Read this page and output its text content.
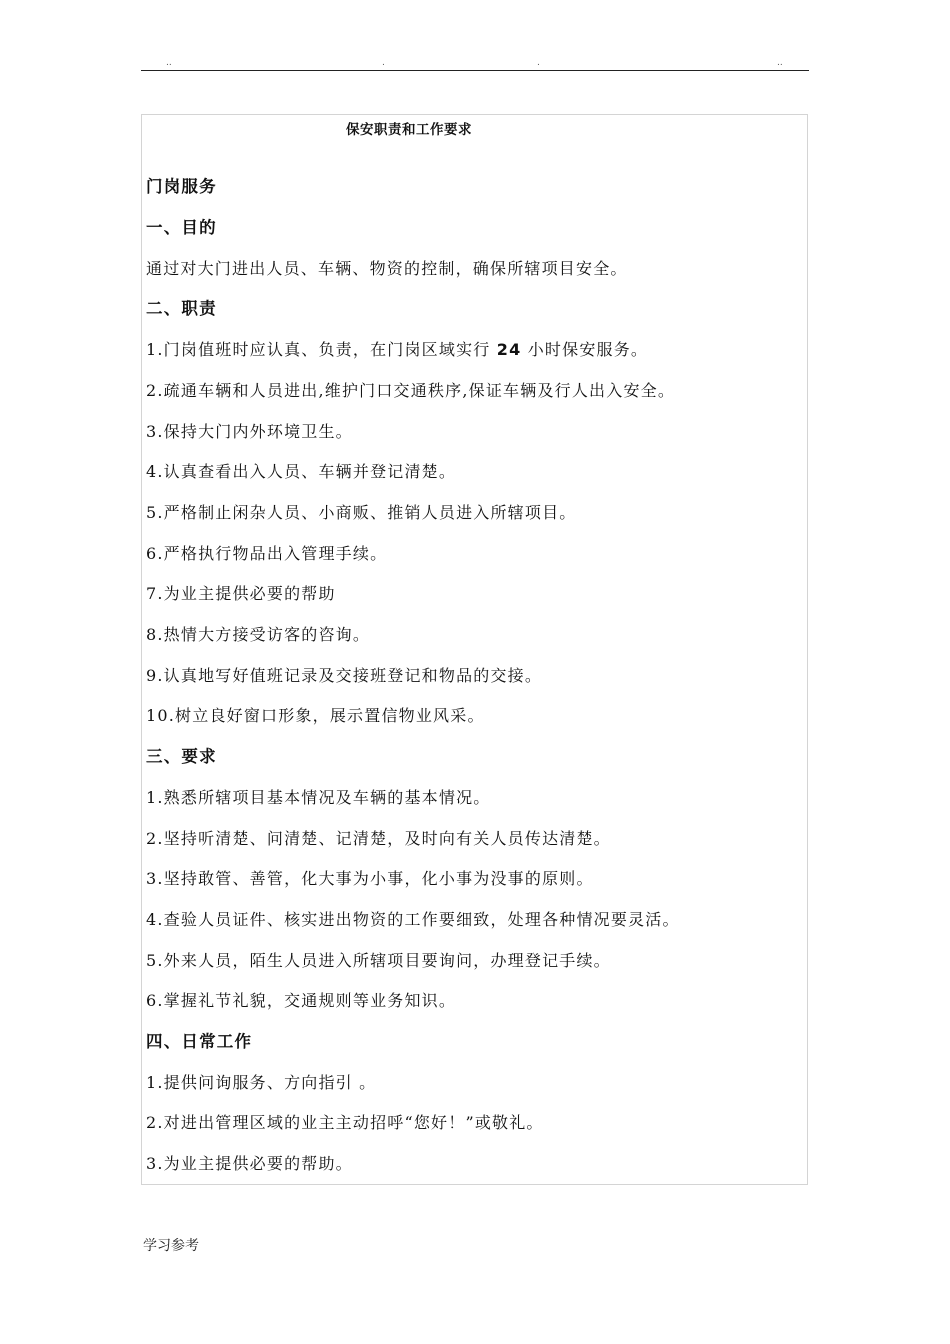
..	.	.	..
保安职责和工作要求
门岗服务
一、目的
通过对大门进出人员、车辆、物资的控制，确保所辖项目安全。
二、职责
1.门岗值班时应认真、负责，在门岗区域实行 24 小时保安服务。
2.疏通车辆和人员进出,维护门口交通秩序,保证车辆及行人出入安全。
3.保持大门内外环境卫生。
4.认真查看出入人员、车辆并登记清楚。
5.严格制止闲杂人员、小商贩、推销人员进入所辖项目。
6.严格执行物品出入管理手续。
7.为业主提供必要的帮助
8.热情大方接受访客的咨询。
9.认真地写好值班记录及交接班登记和物品的交接。
10.树立良好窗口形象，展示置信物业风采。
三、要求
1.熟悉所辖项目基本情况及车辆的基本情况。
2.坚持听清楚、问清楚、记清楚，及时向有关人员传达清楚。
3.坚持敢管、善管，化大事为小事，化小事为没事的原则。
4.查验人员证件、核实进出物资的工作要细致，处理各种情况要灵活。
5.外来人员，陌生人员进入所辖项目要询问，办理登记手续。
6.掌握礼节礼貌，交通规则等业务知识。
四、日常工作
1.提供问询服务、方向指引 。
2.对进出管理区域的业主主动招呼“您好！”或敬礼。
3.为业主提供必要的帮助。
学习参考
